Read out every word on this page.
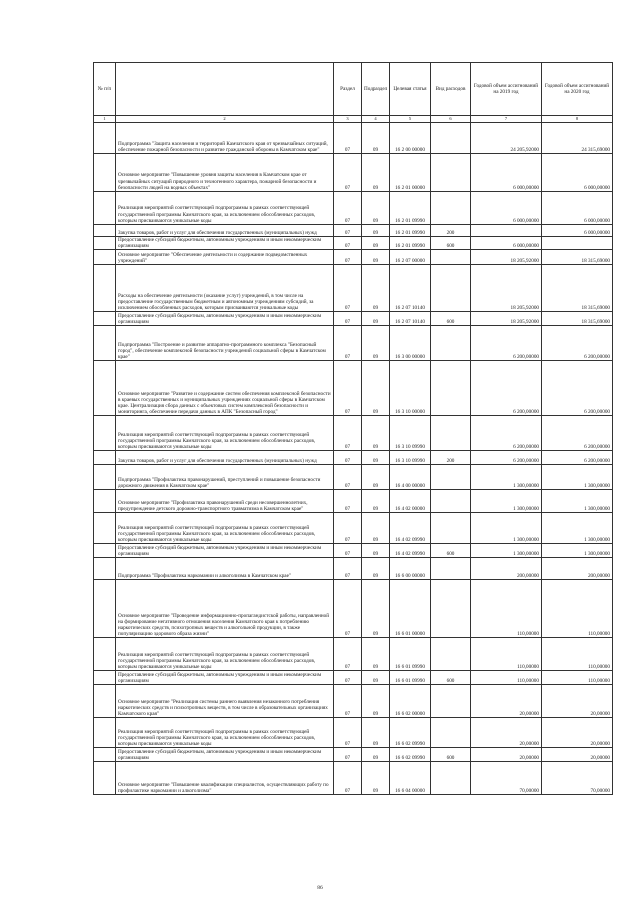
№ п/п		Раздел	Подраздел	Целевая статья	Вид расходов	Годовой объем ассигнований на 2019 год	Годовой объем ассигнований на 2020 год
1	2	3	4	5	6	7	8
	Подпрограмма "Защита населения и территорий Камчатского края от чрезвычайных ситуаций, обеспечение пожарной безопасности и развитие гражданской обороны в Камчатском крае"	07	09	16 2 00 00000		24 205,92000	24 315,69000
	Основное мероприятие "Повышение уровня защиты населения в Камчатском крае от чрезвычайных ситуаций природного и техногенного характера, пожарной безопасности и безопасности людей на водных объектах"	07	09	16 2 01 00000		6 000,00000	6 000,00000
	Реализация мероприятий соответствующей подпрограммы в рамках соответствующей государственной программы Камчатского края, за исключением обособленных расходов, которым присваиваются уникальные коды	07	09	16 2 01 09990		6 000,00000	6 000,00000
	Закупка товаров, работ и услуг для обеспечения государственных (муниципальных) нужд	07	09	16 2 01 09990	200		6 000,00000
	Предоставление субсидий бюджетным, автономным учреждениям и иным некоммерческим организациям	07	09	16 2 01 09990	600	6 000,00000	
	Основное мероприятие "Обеспечение деятельности и содержание подведомственных учреждений"	07	09	16 2 07 00000		18 205,92000	18 315,69000
	Расходы на обеспечение деятельности (оказание услуг) учреждений, в том числе на предоставление государственным бюджетным и автономным учреждениям субсидий, за исключением обособленных расходов, которым присваиваются уникальные коды	07	09	16 2 07 10140		18 205,92000	18 315,69000
	Предоставление субсидий бюджетным, автономным учреждениям и иным некоммерческим организациям	07	09	16 2 07 10140	600	18 205,92000	18 315,69000
	Подпрограмма "Построение и развитие аппаратно-программного комплекса "Безопасный город", обеспечение комплексной безопасности учреждений социальной сферы в Камчатском крае"	07	09	16 3 00 00000		6 200,00000	6 200,00000
	Основное мероприятие "Развитие и содержание систем обеспечения комплексной безопасности в краевых государственных и муниципальных учреждениях социальной сферы в Камчатском крае. Централизация сбора данных с объектовых систем комплексной безопасности и мониторинга, обеспечение передачи данных в АПК "Безопасный город"	07	09	16 3 10 00000		6 200,00000	6 200,00000
	Реализация мероприятий соответствующей подпрограммы в рамках соответствующей государственной программы Камчатского края, за исключением обособленных расходов, которым присваиваются уникальные коды	07	09	16 3 10 09990		6 200,00000	6 200,00000
	Закупка товаров, работ и услуг для обеспечения государственных (муниципальных) нужд	07	09	16 3 10 09990	200	6 200,00000	6 200,00000
	Подпрограмма "Профилактика правонарушений, преступлений и повышение безопасности дорожного движения в Камчатском крае"	07	09	16 4 00 00000		1 300,00000	1 300,00000
	Основное мероприятие "Профилактика правонарушений среди несовершеннолетних, предупреждение детского дорожно-транспортного травматизма в Камчатском крае"	07	09	16 4 02 00000		1 300,00000	1 300,00000
	Реализация мероприятий соответствующей подпрограммы в рамках соответствующей государственной программы Камчатского края, за исключением обособленных расходов, которым присваиваются уникальные коды	07	09	16 4 02 09990		1 300,00000	1 300,00000
	Предоставление субсидий бюджетным, автономным учреждениям и иным некоммерческим организациям	07	09	16 4 02 09990	600	1 300,00000	1 300,00000
	Подпрограмма "Профилактика наркомании и алкоголизма в Камчатском крае"	07	09	16 6 00 00000		200,00000	200,00000
	Основное мероприятие "Проведение информационно-пропагандистской работы, направленной на формирование негативного отношения населения Камчатского края к потреблению наркотических средств, психотропных веществ и алкогольной продукции, в также популяризацию здорового образа жизни"	07	09	16 6 01 00000		110,00000	110,00000
	Реализация мероприятий соответствующей подпрограммы в рамках соответствующей государственной программы Камчатского края, за исключением обособленных расходов, которым присваиваются уникальные коды	07	09	16 6 01 09990		110,00000	110,00000
	Предоставление субсидий бюджетным, автономным учреждениям и иным некоммерческим организациям	07	09	16 6 01 09990	600	110,00000	110,00000
	Основное мероприятие "Реализация системы раннего выявления незаконного потребления наркотических средств и психотропных веществ, в том числе в образовательных организациях Камчатского края"	07	09	16 6 02 00000		20,00000	20,00000
	Реализация мероприятий соответствующей подпрограммы в рамках соответствующей государственной программы Камчатского края, за исключением обособленных расходов, которым присваиваются уникальные коды	07	09	16 6 02 09990		20,00000	20,00000
	Предоставление субсидий бюджетным, автономным учреждениям и иным некоммерческим организациям	07	09	16 6 02 09990	600	20,00000	20,00000
	Основное мероприятие "Повышение квалификации специалистов, осуществляющих работу по профилактике наркомании и алкоголизма"	07	09	16 6 04 00000		70,00000	70,00000
86
